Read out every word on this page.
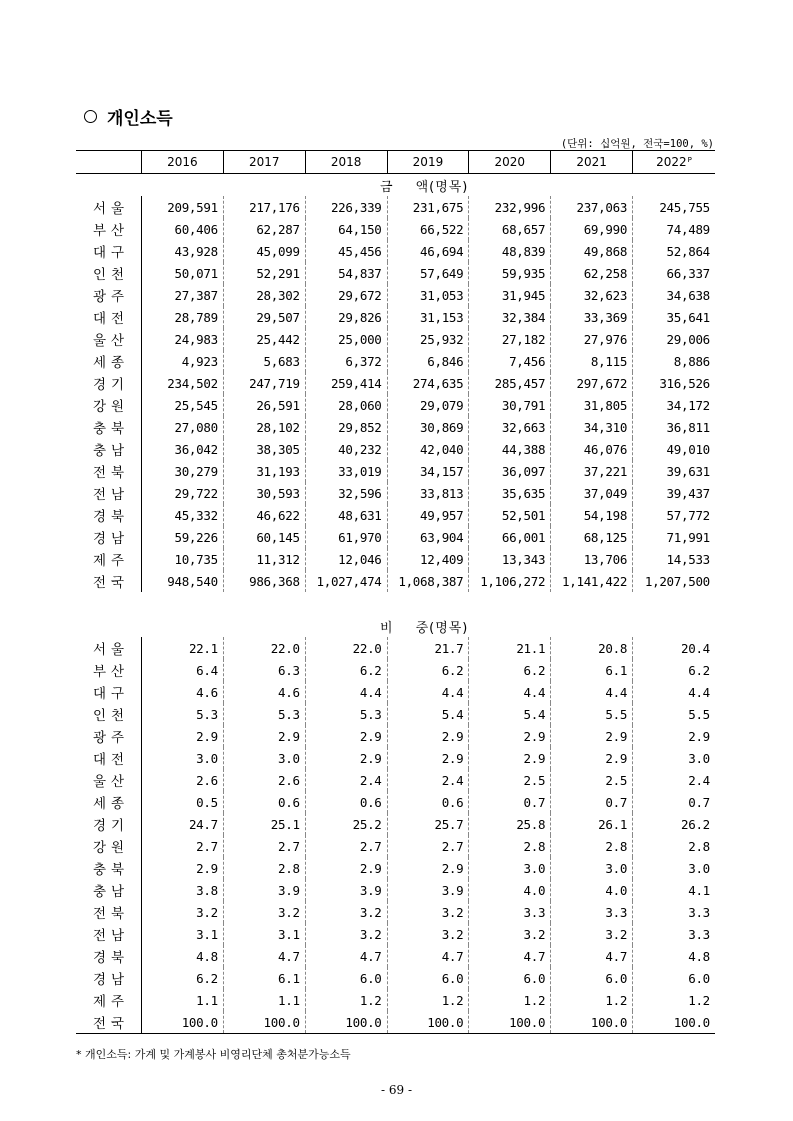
개인소득
(단위: 십억원, 전국=100, %)
2016	2017	2018	2019	2020	2021	$2022^P$
금 액(명목)
서울	209,591	217,176	226,339	231,675	232,996	237,063	245,755
부산	60,406	62,287	64,150	66,522	68,657	69,990	74,489
대구	43,928	45,099	45,456	46,694	48,839	49,868	52,864
인천	50,071	52,291	54,837	57,649	59,935	62,258	66,337
광주	27,387	28,302	29,672	31,053	31,945	32,623	34,638
대전	28,789	29,507	29,826	31,153	32,384	33,369	35,641
울산	24,983	25,442	25,000	25,932	27,182	27,976	29,006
세종	4,923	5,683	6,372	6,846	7,456	8,115	8,886
경기	234,502	247,719	259,414	274,635	285,457	297,672	316,526
강원	25,545	26,591	28,060	29,079	30,791	31,805	34,172
충북	27,080	28,102	29,852	30,869	32,663	34,310	36,811
충남	36,042	38,305	40,232	42,040	44,388	46,076	49,010
전북	30,279	31,193	33,019	34,157	36,097	37,221	39,631
전남	29,722	30,593	32,596	33,813	35,635	37,049	39,437
경북	45,332	46,622	48,631	49,957	52,501	54,198	57,772
경남	59,226	60,145	61,970	63,904	66,001	68,125	71,991
제주	10,735	11,312	12,046	12,409	13,343	13,706	14,533
전국	948,540	986,368	1,027,474	1,068,387	1,106,272	1,141,422	1,207,500
비 중(명목)
서울	22.1	22.0	22.0	21.7	21.1	20.8	20.4
부산	6.4	6.3	6.2	6.2	6.2	6.1	6.2
대구	4.6	4.6	4.4	4.4	4.4	4.4	4.4
인천	5.3	5.3	5.3	5.4	5.4	5.5	5.5
광주	2.9	2.9	2.9	2.9	2.9	2.9	2.9
대전	3.0	3.0	2.9	2.9	2.9	2.9	3.0
울산	2.6	2.6	2.4	2.4	2.5	2.5	2.4
세종	0.5	0.6	0.6	0.6	0.7	0.7	0.7
경기	24.7	25.1	25.2	25.7	25.8	26.1	26.2
강원	2.7	2.7	2.7	2.7	2.8	2.8	2.8
충북	2.9	2.8	2.9	2.9	3.0	3.0	3.0
충남	3.8	3.9	3.9	3.9	4.0	4.0	4.1
전북	3.2	3.2	3.2	3.2	3.3	3.3	3.3
전남	3.1	3.1	3.2	3.2	3.2	3.2	3.3
경북	4.8	4.7	4.7	4.7	4.7	4.7	4.8
경남	6.2	6.1	6.0	6.0	6.0	6.0	6.0
제주	1.1	1.1	1.2	1.2	1.2	1.2	1.2
전국	100.0	100.0	100.0	100.0	100.0	100.0	100.0
* 개인소득: 가계 및 가계봉사 비영리단체 총처분가능소득
- 69 -
